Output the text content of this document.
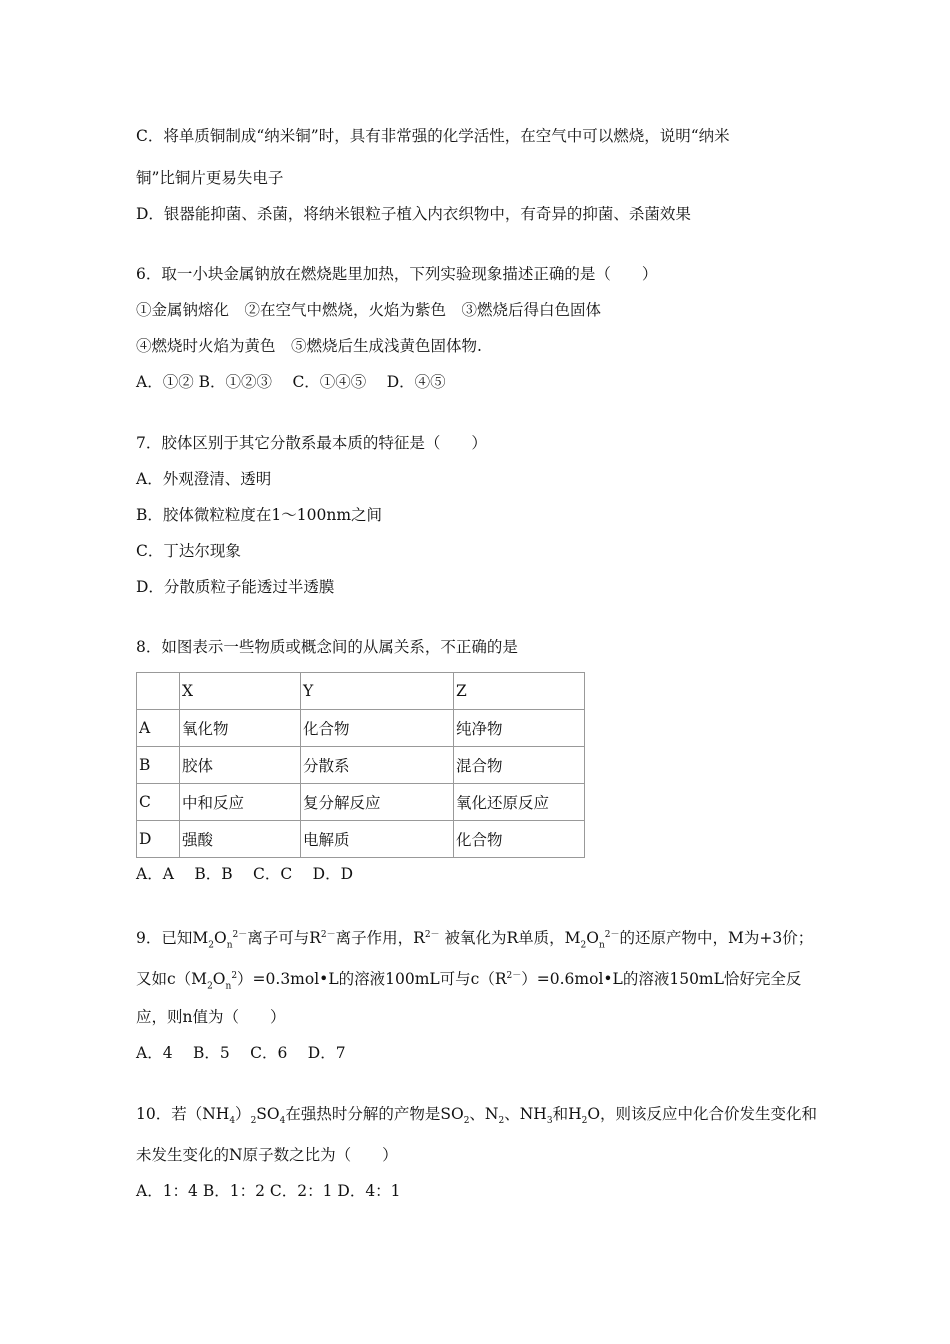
C．将单质铜制成“纳米铜”时，具有非常强的化学活性，在空气中可以燃烧，说明“纳米
铜”比铜片更易失电子
D．银器能抑菌、杀菌，将纳米银粒子植入内衣织物中，有奇异的抑菌、杀菌效果
6．取一小块金属钠放在燃烧匙里加热，下列实验现象描述正确的是（　　）
①金属钠熔化　②在空气中燃烧，火焰为紫色　③燃烧后得白色固体
④燃烧时火焰为黄色　⑤燃烧后生成浅黄色固体物.
A．①② B．①②③　 C．①④⑤　 D．④⑤
7．胶体区别于其它分散系最本质的特征是（　　）
A．外观澄清、透明
B．胶体微粒粒度在1～100nm之间
C．丁达尔现象
D．分散质粒子能透过半透膜
8．如图表示一些物质或概念间的从属关系，不正确的是
	X	Y	Z
A	氧化物	化合物	纯净物
B	胶体	分散系	混合物
C	中和反应	复分解反应	氧化还原反应
D	强酸	电解质	化合物
A．A　 B．B　 C．C　 D．D
9．已知$M_2O_n^{2-}$离子可与$R^{2-}$离子作用，$R^{2-}$ 被氧化为R单质，$M_2O_n^{2-}$的还原产物中，M为+3价；
又如$c(M_2O_n^2)=0.3mol•L$的溶液100mL可与$c(R^{2-})=0.6mol•L$的溶液150mL恰好完全反
应，则n值为（　　）
A．4　 B．5　 C．6　 D．7
10．若$(NH_4)_2SO_4$在强热时分解的产物是$SO_2$、$N_2$、$NH_3$和$H_2O$，则该反应中化合价发生变化和
未发生变化的N原子数之比为（　　）
A．1：4 B．1：2 C．2：1 D．4：1
